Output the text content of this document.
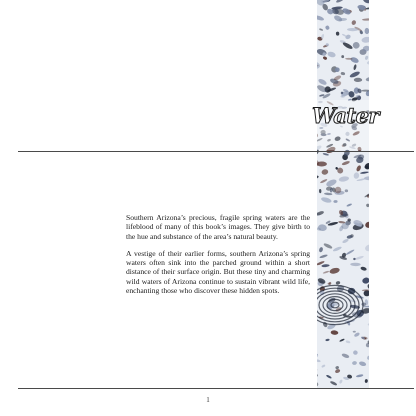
Water

Southern Arizona’s precious, fragile spring waters are the lifeblood of many of this book’s images. They give birth to the hue and substance of the area’s natural beauty.

A vestige of their earlier forms, southern Arizona’s spring waters often sink into the parched ground within a short distance of their surface origin. But these tiny and charming wild waters of Arizona continue to sustain vibrant wild life, enchanting those who discover these hidden spots.

1
